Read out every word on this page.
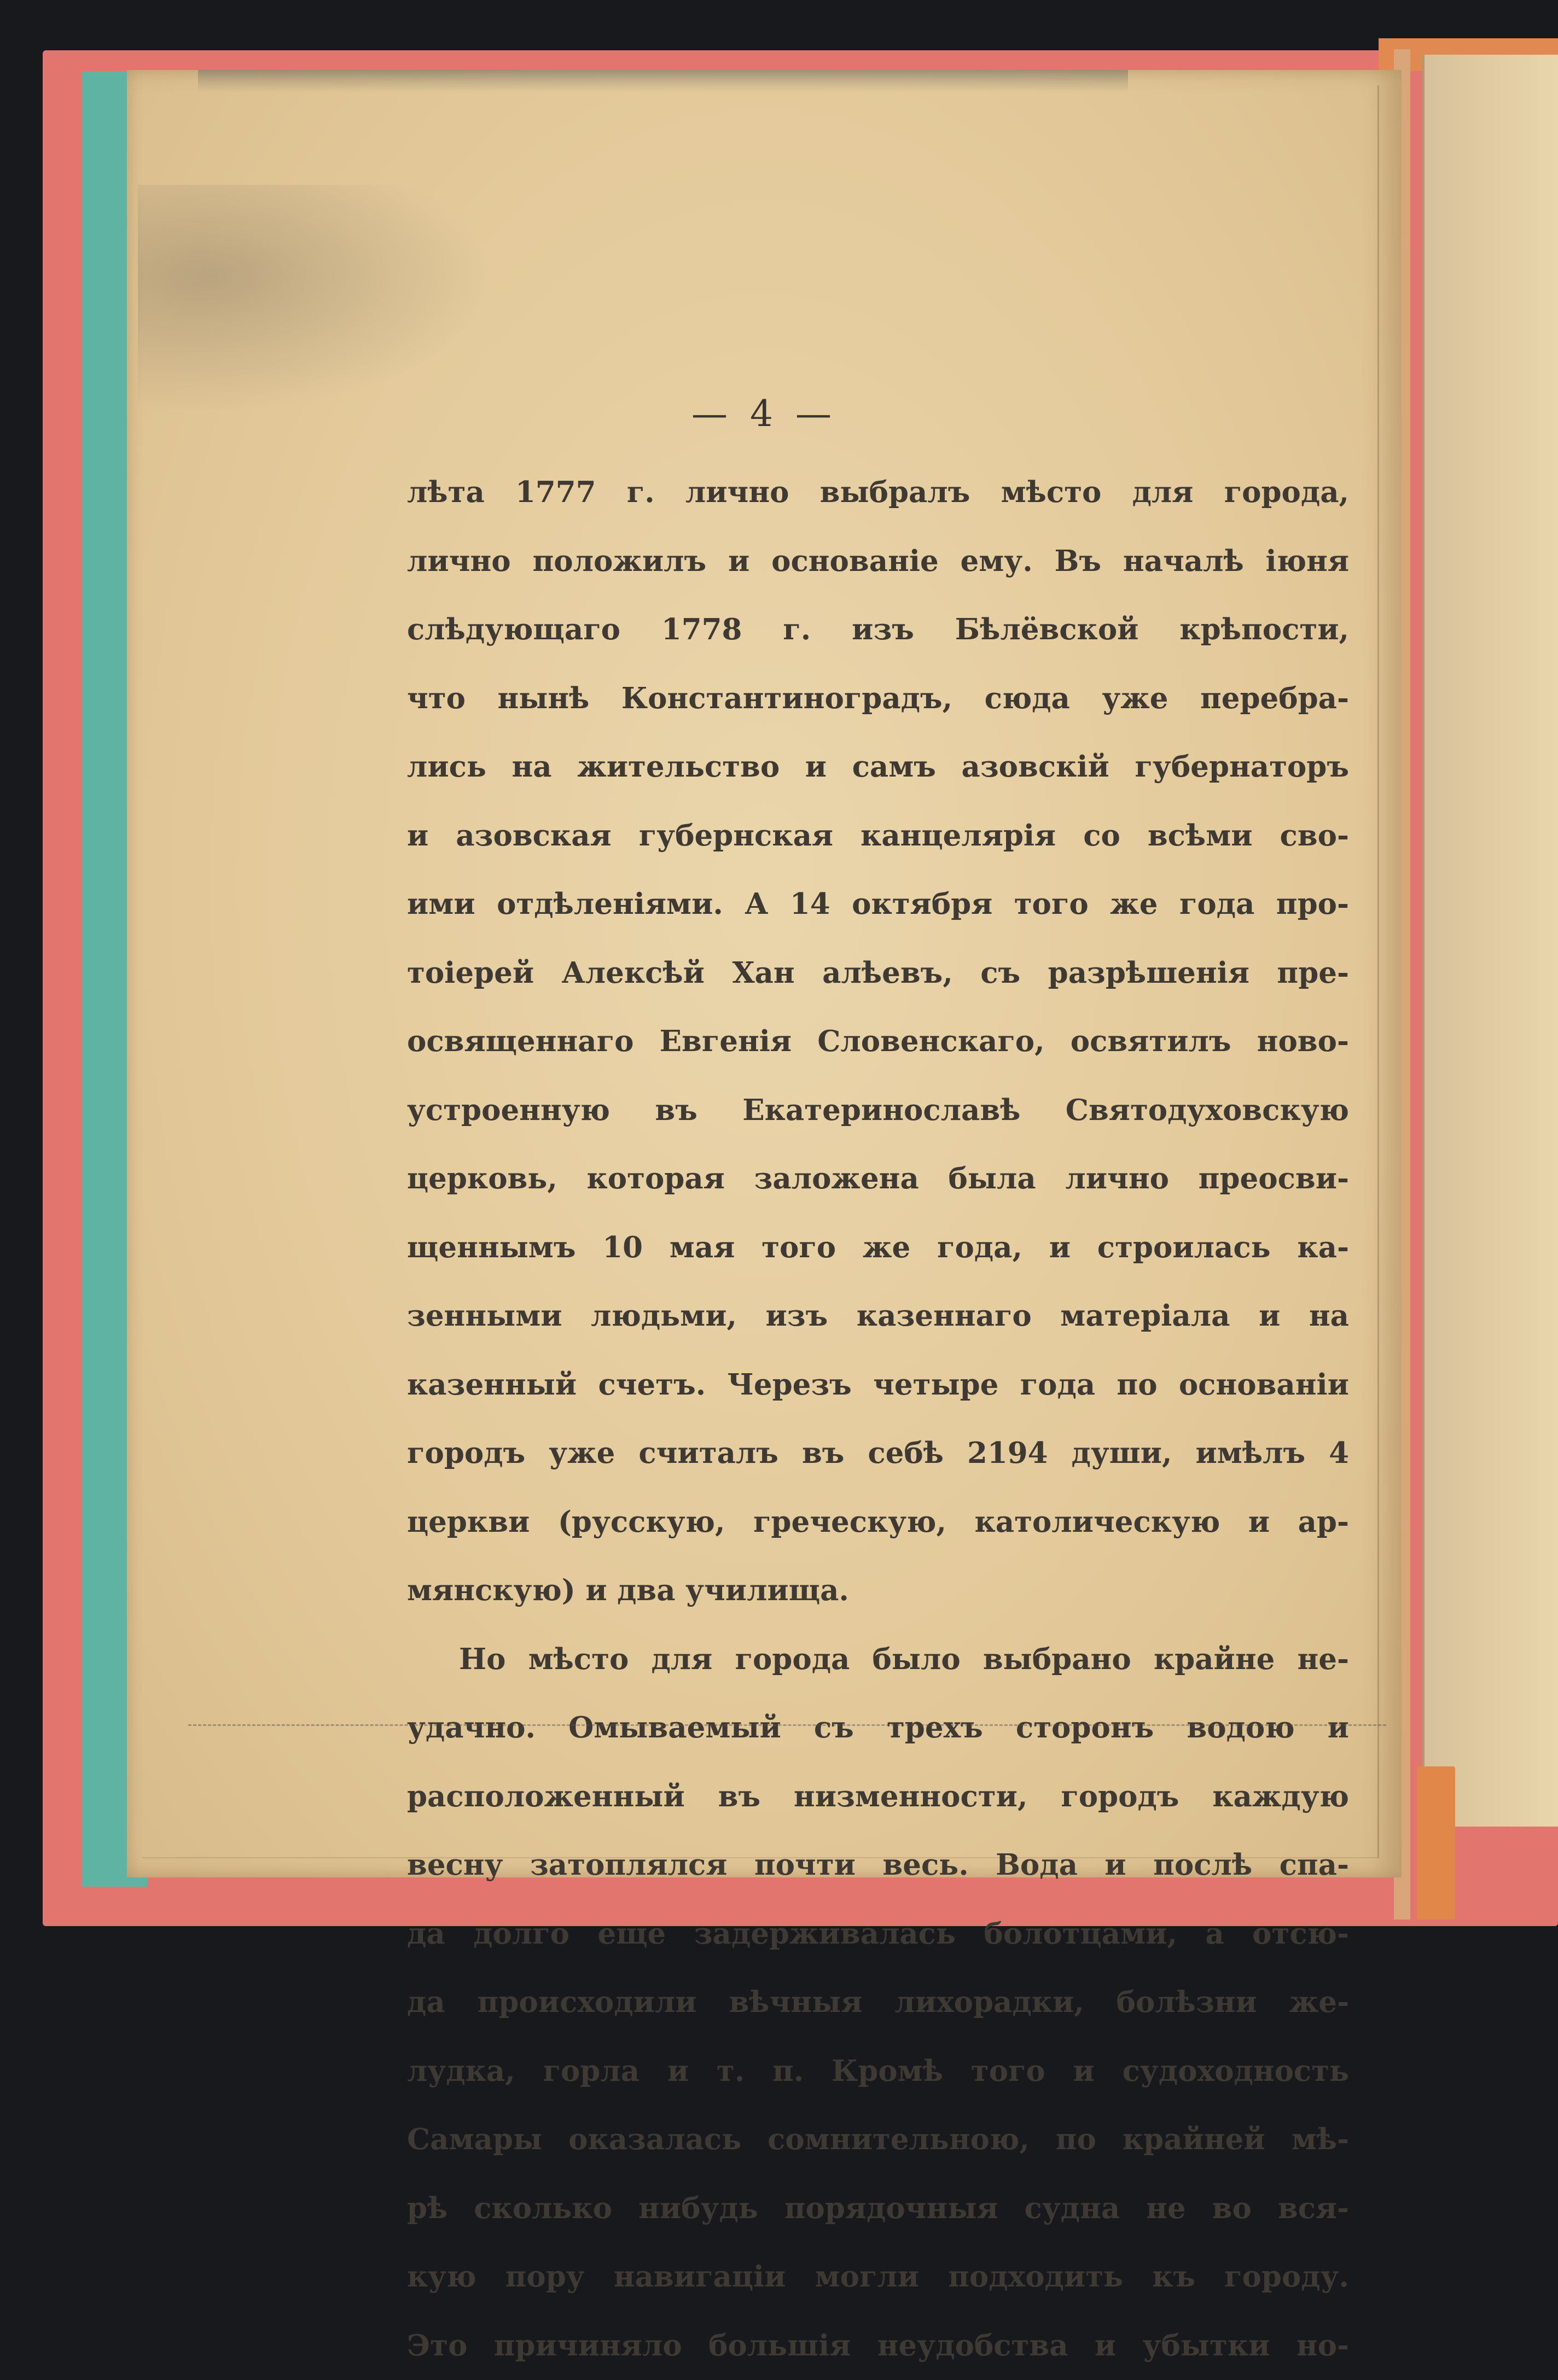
— 4 —
лѣта 1777 г. лично выбралъ мѣсто для города,
лично положилъ и основаніе ему. Въ началѣ іюня
слѣдующаго 1778 г. изъ Бѣлёвской крѣпости,
что нынѣ Константиноградъ, сюда уже перебра-
лись на жительство и самъ азовскій губернаторъ
и азовская губернская канцелярія со всѣми сво-
ими отдѣленіями. А 14 октября того же года про-
тоіерей Алексѣй Хан алѣевъ, съ разрѣшенія пре-
освященнаго Евгенія Словенскаго, освятилъ ново-
устроенную въ Екатеринославѣ Святодуховскую
церковь, которая заложена была лично преосви-
щеннымъ 10 мая того же года, и строилась ка-
зенными людьми, изъ казеннаго матеріала и на
казенный счетъ. Черезъ четыре года по основаніи
городъ уже считалъ въ себѣ 2194 души, имѣлъ 4
церкви (русскую, греческую, католическую и ар-
мянскую) и два училища.
Но мѣсто для города было выбрано крайне не-
удачно. Омываемый съ трехъ сторонъ водою и
расположенный въ низменности, городъ каждую
весну затоплялся почти весь. Вода и послѣ спа-
да долго еще задерживалась болотцами, а отсю-
да происходили вѣчныя лихорадки, болѣзни же-
лудка, горла и т. п. Кромѣ того и судоходность
Самары оказалась сомнительною, по крайней мѣ-
рѣ сколько нибудь порядочныя судна не во вся-
кую пору навигаціи могли подходить къ городу.
Это причиняло большія неудобства и убытки но-
